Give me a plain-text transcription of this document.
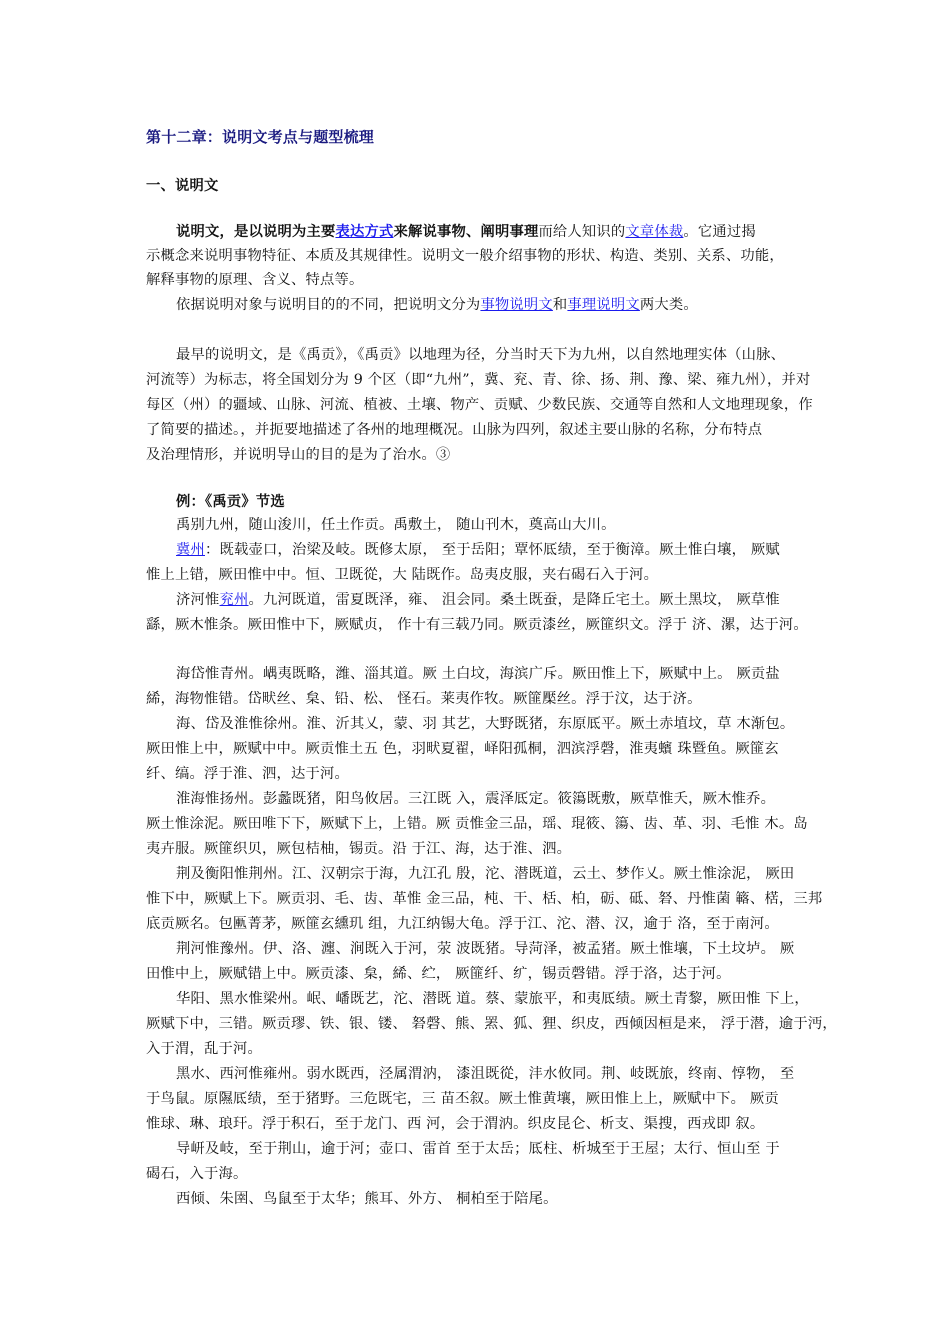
第十二章：说明文考点与题型梳理
一、说明文
说明文，是以说明为主要表达方式来解说事物、阐明事理而给人知识的文章体裁。它通过揭
示概念来说明事物特征、本质及其规律性。说明文一般介绍事物的形状、构造、类别、关系、功能，
解释事物的原理、含义、特点等。
依据说明对象与说明目的的不同，把说明文分为事物说明文和事理说明文两大类。
最早的说明文，是《禹贡》，《禹贡》以地理为径，分当时天下为九州，以自然地理实体（山脉、
河流等）为标志，将全国划分为 9 个区（即“九州”，冀、兖、青、徐、扬、荆、豫、梁、雍九州），并对
每区（州）的疆域、山脉、河流、植被、土壤、物产、贡赋、少数民族、交通等自然和人文地理现象，作
了简要的描述。，并扼要地描述了各州的地理概况。山脉为四列，叙述主要山脉的名称，分布特点
及治理情形，并说明导山的目的是为了治水。③
例：《禹贡》节选
禹别九州，随山浚川，任土作贡。禹敷土， 随山刊木，奠高山大川。
冀州：既载壶口，治梁及岐。既修太原， 至于岳阳；覃怀厎绩，至于衡漳。厥土惟白壤， 厥赋
惟上上错，厥田惟中中。恒、卫既從，大 陆既作。岛夷皮服，夹右碣石入于河。
济河惟兖州。九河既道，雷夏既泽，雍、 沮会同。桑土既蚕，是降丘宅土。厥土黑坟， 厥草惟
繇，厥木惟条。厥田惟中下，厥赋贞， 作十有三载乃同。厥贡漆丝，厥篚织文。浮于 济、漯，达于河。
海岱惟青州。嵎夷既略，潍、淄其道。厥 土白坟，海滨广斥。厥田惟上下，厥赋中上。 厥贡盐
絺，海物惟错。岱畎丝、枲、铅、松、 怪石。莱夷作牧。厥篚檿丝。浮于汶，达于济。
海、岱及淮惟徐州。淮、沂其乂，蒙、羽 其艺，大野既猪，东原厎平。厥土赤埴坟，草 木渐包。
厥田惟上中，厥赋中中。厥贡惟土五 色，羽畎夏翟，峄阳孤桐，泗滨浮磬，淮夷蠙 珠暨鱼。厥篚玄
纤、缟。浮于淮、泗，达于河。
淮海惟扬州。彭蠡既猪，阳鸟攸居。三江既 入，震泽厎定。筱簜既敷，厥草惟夭，厥木惟乔。
厥土惟涂泥。厥田唯下下，厥赋下上，上错。厥 贡惟金三品，瑶、琨筱、簜、齿、革、羽、毛惟 木。岛
夷卉服。厥篚织贝，厥包桔柚，锡贡。沿 于江、海，达于淮、泗。
荆及衡阳惟荆州。江、汉朝宗于海，九江孔 殷，沱、潜既道，云土、梦作乂。厥土惟涂泥， 厥田
惟下中，厥赋上下。厥贡羽、毛、齿、革惟 金三品，杶、干、栝、柏，砺、砥、砮、丹惟菌 簵、楛，三邦
底贡厥名。包匭菁茅，厥篚玄纁玑 组，九江纳锡大龟。浮于江、沱、潜、汉，逾于 洛，至于南河。
荆河惟豫州。伊、洛、瀍、涧既入于河，荥 波既猪。导菏泽，被孟猪。厥土惟壤，下土坟垆。 厥
田惟中上，厥赋错上中。厥贡漆、枲，絺、纻， 厥篚纤、纩，锡贡磬错。浮于洛，达于河。
华阳、黑水惟梁州。岷、嶓既艺，沱、潜既 道。蔡、蒙旅平，和夷厎绩。厥土青黎，厥田惟 下上，
厥赋下中，三错。厥贡璆、铁、银、镂、 砮磬、熊、罴、狐、狸、织皮，西倾因桓是来， 浮于潜，逾于沔，
入于渭，乱于河。
黑水、西河惟雍州。弱水既西，泾属渭汭， 漆沮既從，沣水攸同。荆、岐既旅，终南、惇物， 至
于鸟鼠。原隰厎绩，至于猪野。三危既宅，三 苗丕叙。厥土惟黄壤，厥田惟上上，厥赋中下。 厥贡
惟球、琳、琅玕。浮于积石，至于龙门、西 河，会于渭汭。织皮昆仑、析支、渠搜，西戎即 叙。
导岍及岐，至于荆山，逾于河；壶口、雷首 至于太岳；厎柱、析城至于王屋；太行、恒山至 于
碣石，入于海。
西倾、朱圉、鸟鼠至于太华；熊耳、外方、 桐柏至于陪尾。
